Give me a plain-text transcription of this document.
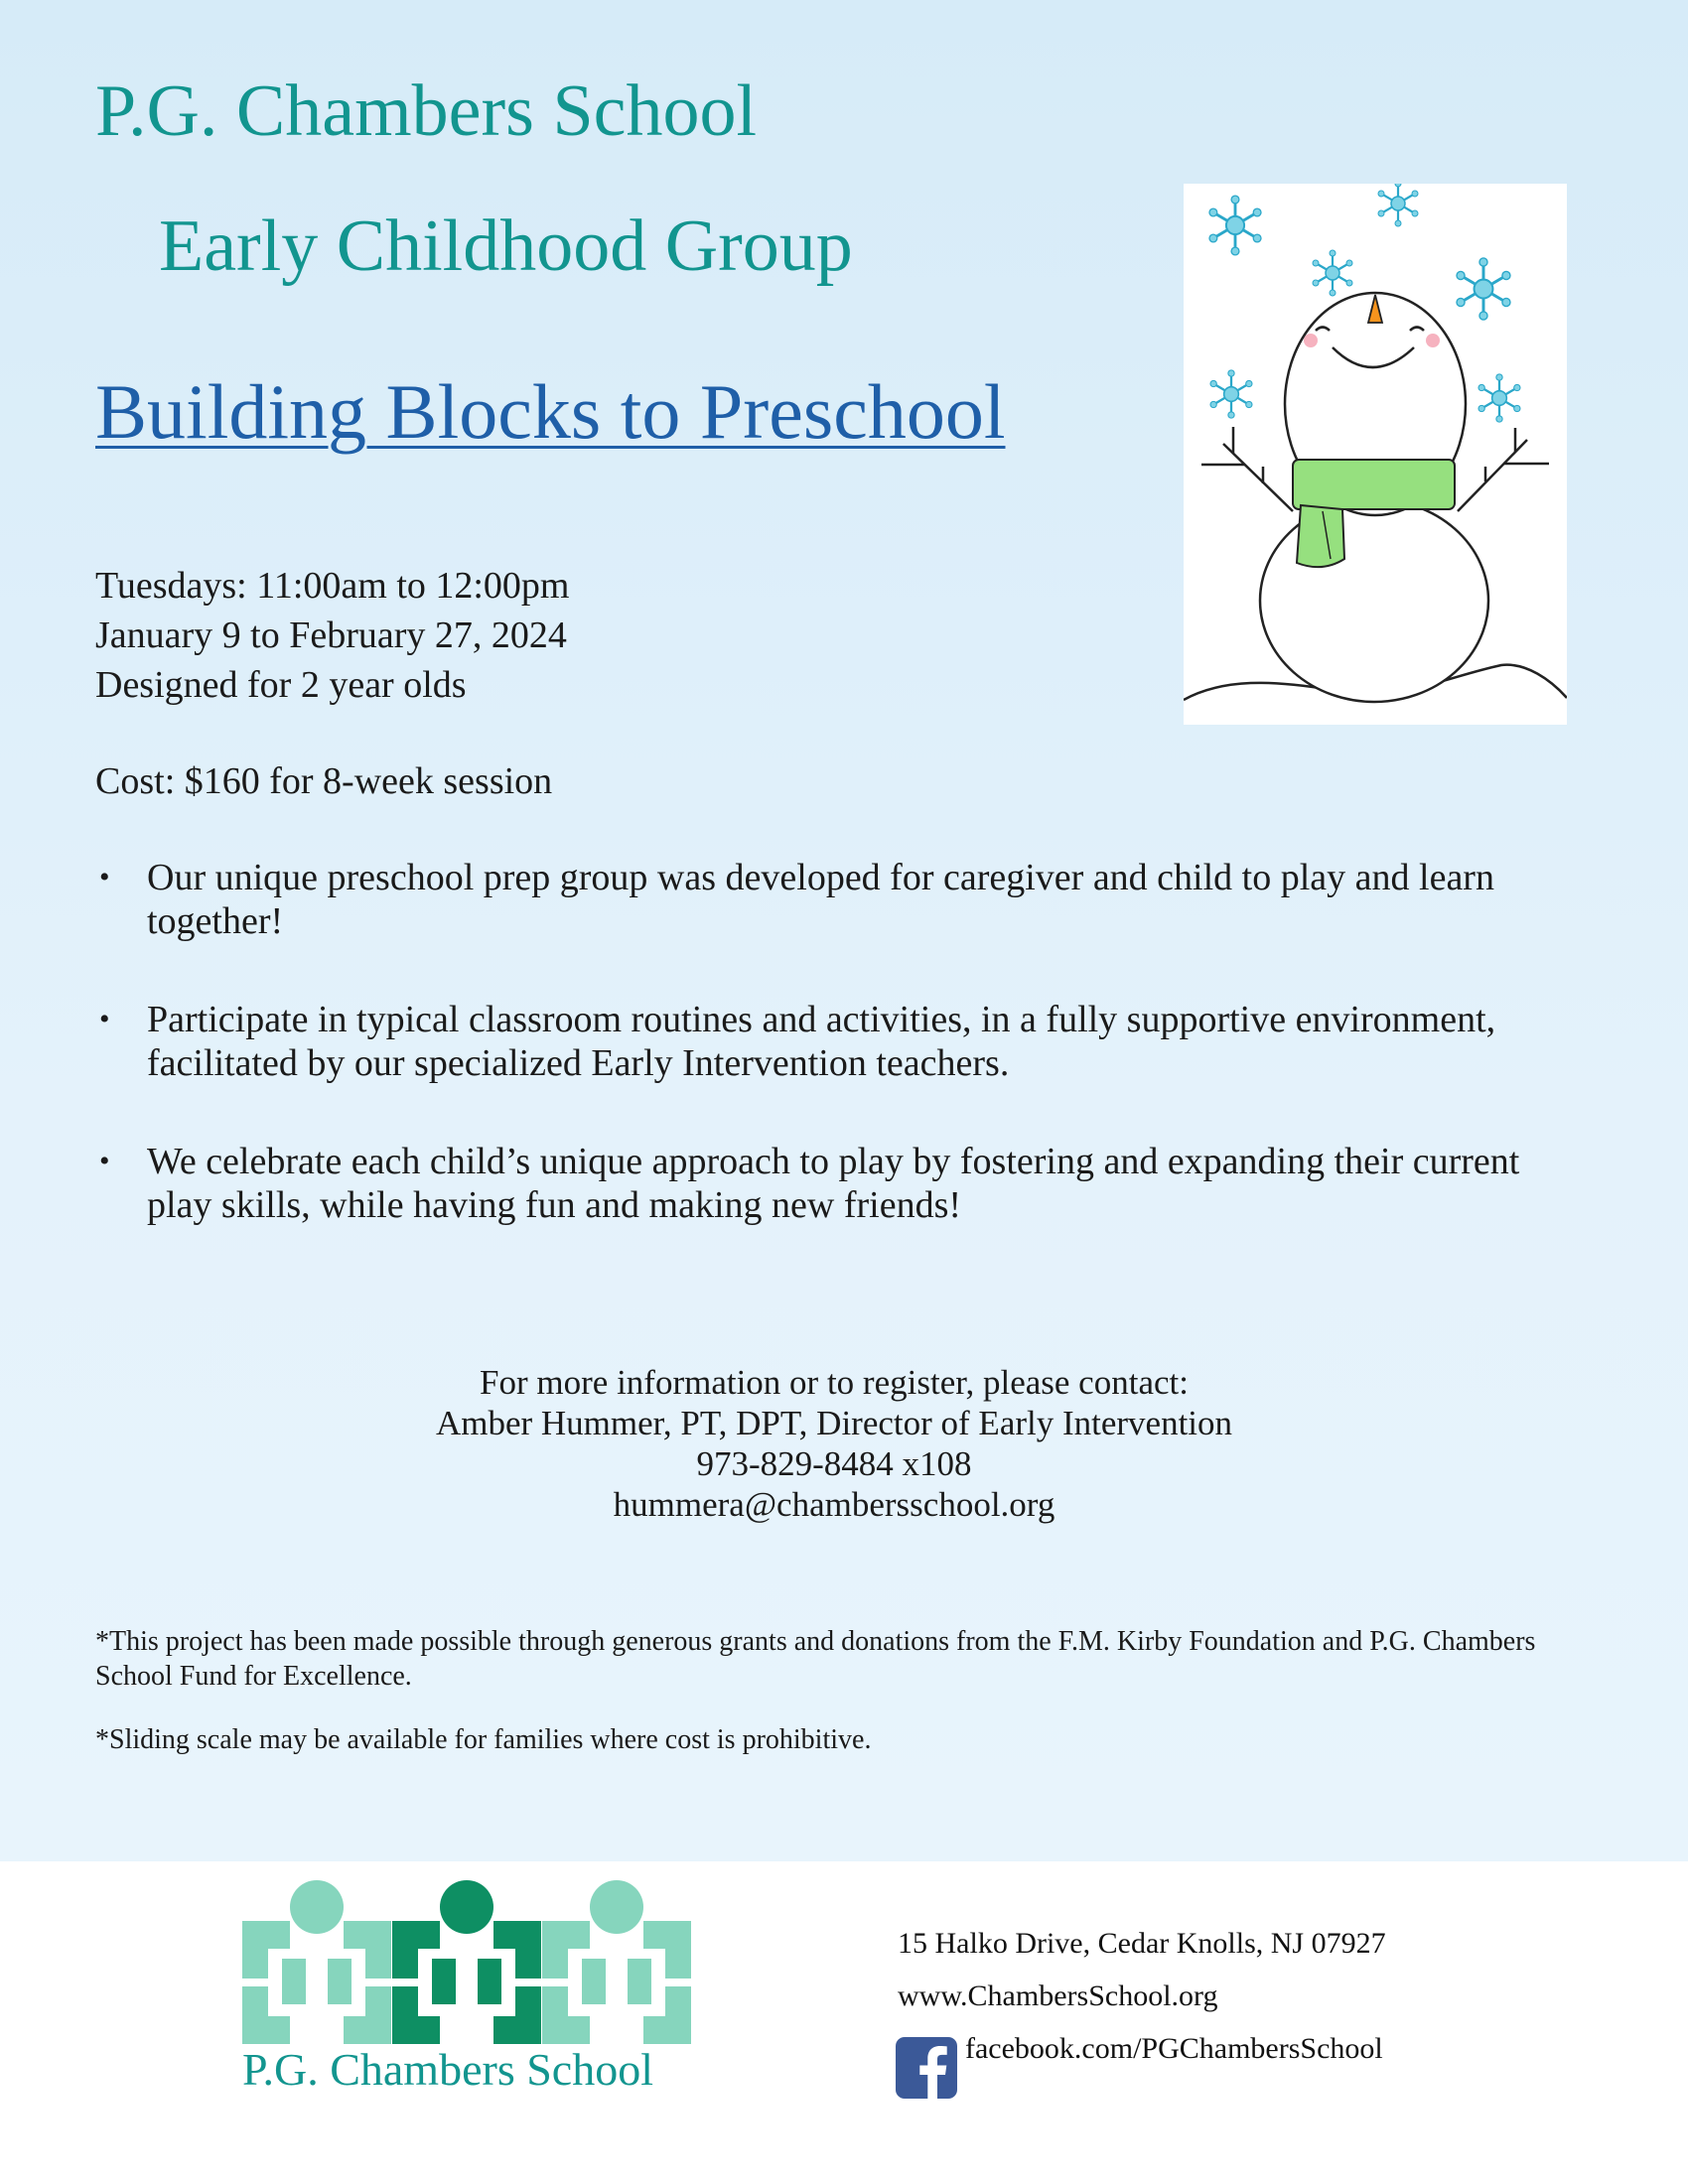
P.G. Chambers School
Early Childhood Group
Building Blocks to Preschool
Tuesdays: 11:00am to 12:00pm
January 9 to February 27, 2024
Designed for 2 year olds
Cost: $160 for 8-week session
• Our unique preschool prep group was developed for caregiver and child to play and learn together!
• Participate in typical classroom routines and activities, in a fully supportive environment, facilitated by our specialized Early Intervention teachers.
• We celebrate each child’s unique approach to play by fostering and expanding their current play skills, while having fun and making new friends!
For more information or to register, please contact:
Amber Hummer, PT, DPT, Director of Early Intervention
973-829-8484 x108
hummera@chambersschool.org
*This project has been made possible through generous grants and donations from the F.M. Kirby Foundation and P.G. Chambers School Fund for Excellence.
*Sliding scale may be available for families where cost is prohibitive.
P.G. Chambers School
15 Halko Drive, Cedar Knolls, NJ 07927
www.ChambersSchool.org
facebook.com/PGChambersSchool
